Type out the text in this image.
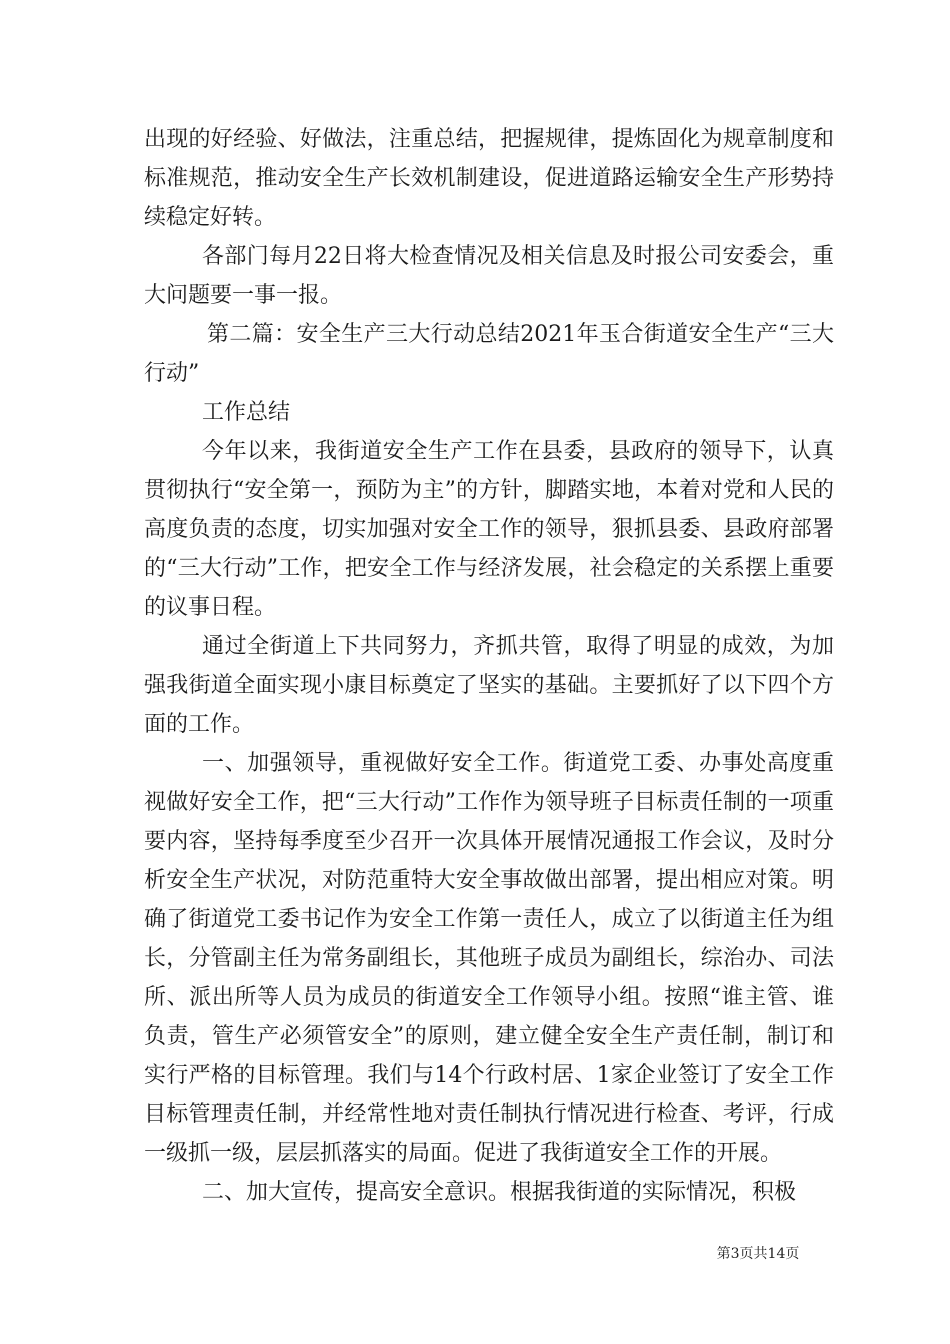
出现的好经验、好做法，注重总结，把握规律，提炼固化为规章制度和标准规范，推动安全生产长效机制建设，促进道路运输安全生产形势持续稳定好转。

各部门每月22日将大检查情况及相关信息及时报公司安委会，重大问题要一事一报。

第二篇：安全生产三大行动总结2021年玉合街道安全生产“三大行动”

工作总结

今年以来，我街道安全生产工作在县委，县政府的领导下，认真贯彻执行“安全第一，预防为主”的方针，脚踏实地，本着对党和人民的高度负责的态度，切实加强对安全工作的领导，狠抓县委、县政府部署的“三大行动”工作，把安全工作与经济发展，社会稳定的关系摆上重要的议事日程。

通过全街道上下共同努力，齐抓共管，取得了明显的成效，为加强我街道全面实现小康目标奠定了坚实的基础。主要抓好了以下四个方面的工作。

一、加强领导，重视做好安全工作。街道党工委、办事处高度重视做好安全工作，把“三大行动”工作作为领导班子目标责任制的一项重要内容，坚持每季度至少召开一次具体开展情况通报工作会议，及时分析安全生产状况，对防范重特大安全事故做出部署，提出相应对策。明确了街道党工委书记作为安全工作第一责任人，成立了以街道主任为组长，分管副主任为常务副组长，其他班子成员为副组长，综治办、司法所、派出所等人员为成员的街道安全工作领导小组。按照“谁主管、谁负责，管生产必须管安全”的原则，建立健全安全生产责任制，制订和实行严格的目标管理。我们与14个行政村居、1家企业签订了安全工作目标管理责任制，并经常性地对责任制执行情况进行检查、考评，行成一级抓一级，层层抓落实的局面。促进了我街道安全工作的开展。

二、加大宣传，提高安全意识。根据我街道的实际情况，积极

第3页共14页
